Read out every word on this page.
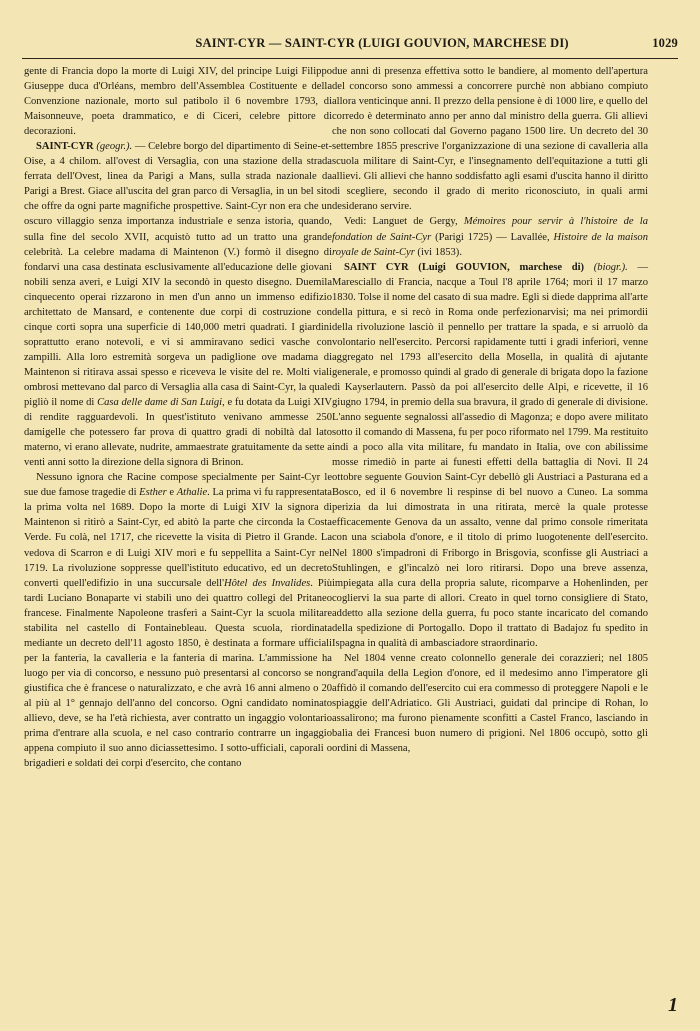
SAINT-CYR — SAINT-CYR (LUIGI GOUVION, MARCHESE DI)	1029

gente di Francia dopo la morte di Luigi XIV, del principe Luigi Filippo Giuseppe duca d'Orléans, membro dell'Assemblea Costituente e della Convenzione nazionale, morto sul patibolo il 6 novembre 1793, di Maisonneuve, poeta drammatico, e di Ciceri, celebre pittore di decorazioni.

SAINT-CYR (geogr.). — Celebre borgo del dipartimento di Seine-et-Oise, a 4 chilom. all'ovest di Versaglia, con una stazione della strada ferrata dell'Ovest, linea da Parigi a Mans, sulla strada nazionale da Parigi a Brest. Giace all'uscita del gran parco di Versaglia, in un bel sito che offre da ogni parte magnifiche prospettive. Saint-Cyr non era che un oscuro villaggio senza importanza industriale e senza istoria, quando, sulla fine del secolo XVII, acquistò tutto ad un tratto una grande celebrità. La celebre madama di Maintenon (V.) formò il disegno di fondarvi una casa destinata esclusivamente all'educazione delle giovani nobili senza averi, e Luigi XIV la secondò in questo disegno. Duemila cinquecento operai rizzarono in men d'un anno un immenso edifizio architettato de Mansard, e contenente due corpi di costruzione con cinque corti sopra una superficie di 140,000 metri quadrati. I giardini soprattutto erano notevoli, e vi si ammiravano sedici vasche con zampilli. Alla loro estremità sorgeva un padiglione ove madama di Maintenon si ritirava assai spesso e riceveva le visite del re. Molti viali ombrosi mettevano dal parco di Versaglia alla casa di Saint-Cyr, la quale pigliò il nome di Casa delle dame di San Luigi, e fu dotata da Luigi XIV di rendite ragguardevoli. In quest'istituto venivano ammesse 250 damigelle che potessero far prova di quattro gradi di nobiltà dal lato materno, vi erano allevate, nudrite, ammaestrate gratuitamente da sette a venti anni sotto la direzione della signora di Brinon.

Nessuno ignora che Racine compose specialmente per Saint-Cyr le sue due famose tragedie di Esther e Athalie. La prima vi fu rappresentata la prima volta nel 1689. Dopo la morte di Luigi XIV la signora di Maintenon si ritirò a Saint-Cyr, ed abitò la parte che circonda la Costa Verde. Fu colà, nel 1717, che ricevette la visita di Pietro il Grande. La vedova di Scarron e di Luigi XIV morì e fu seppellita a Saint-Cyr nel 1719. La rivoluzione soppresse quell'istituto educativo, ed un decreto converti quell'edifizio in una succursale dell'Hôtel des Invalides. Più tardi Luciano Bonaparte vi stabilì uno dei quattro collegi del Pritaneo francese. Finalmente Napoleone trasferì a Saint-Cyr la scuola militare stabilita nel castello di Fontainebleau. Questa scuola, riordinata mediante un decreto dell'11 agosto 1850, è destinata a formare ufficiali per la fanteria, la cavalleria e la fanteria di marina. L'ammissione ha luogo per via di concorso, e nessuno può presentarsi al concorso se non giustifica che è francese o naturalizzato, e che avrà 16 anni almeno o 20 al più al 1° gennajo dell'anno del concorso. Ogni candidato nominato allievo, deve, se ha l'età richiesta, aver contratto un ingaggio volontario prima d'entrare alla scuola, e nel caso contrario contrarre un ingaggio appena compiuto il suo anno diciassettesimo. I sotto-ufficiali, caporali o brigadieri e soldati dei corpi d'esercito, che contano

due anni di presenza effettiva sotto le bandiere, al momento dell'apertura del concorso sono ammessi a concorrere purchè non abbiano compiuto allora venticinque anni. Il prezzo della pensione è di 1000 lire, e quello del corredo è determinato anno per anno dal ministro della guerra. Gli allievi che non sono collocati dal Governo pagano 1500 lire. Un decreto del 30 settembre 1855 prescrive l'organizzazione di una sezione di cavalleria alla scuola militare di Saint-Cyr, e l'insegnamento dell'equitazione a tutti gli allievi. Gli allievi che hanno soddisfatto agli esami d'uscita hanno il diritto di scegliere, secondo il grado di merito riconosciuto, in quali armi desiderano servire.

Vedi: Languet de Gergy, Mémoires pour servir à l'histoire de la fondation de Saint-Cyr (Parigi 1725) — Lavallée, Histoire de la maison royale de Saint-Cyr (ivi 1853).

SAINT CYR (Luigi GOUVION, marchese di) (biogr.). — Maresciallo di Francia, nacque a Toul l'8 aprile 1764; morì il 17 marzo 1830. Tolse il nome del casato di sua madre. Egli si diede dapprima all'arte della pittura, e si recò in Roma onde perfezionarvisi; ma nei primordii della rivoluzione lasciò il pennello per trattare la spada, e si arruolò da volontario nell'esercito. Percorsi rapidamente tutti i gradi inferiori, venne aggregato nel 1793 all'esercito della Mosella, in qualità di ajutante generale, e promosso quindi al grado di generale di brigata dopo la fazione di Kayserlautern. Passò da poi all'esercito delle Alpi, e ricevette, il 16 giugno 1794, in premio della sua bravura, il grado di generale di divisione. L'anno seguente segnalossi all'assedio di Magonza; e dopo avere militato sotto il comando di Massena, fu per poco riformato nel 1799. Ma restituito indi a poco alla vita militare, fu mandato in Italia, ove con abilissime mosse rimediò in parte ai funesti effetti della battaglia di Novi. Il 24 ottobre seguente Gouvion Saint-Cyr debellò gli Austriaci a Pasturana ed a Bosco, ed il 6 novembre li respinse di bel nuovo a Cuneo. La somma perizia da lui dimostrata in una ritirata, mercè la quale protesse efficacemente Genova da un assalto, venne dal primo console rimeritata con una sciabola d'onore, e il titolo di primo luogotenente dell'esercito. Nel 1800 s'impadronì di Friborgo in Brisgovia, sconfisse gli Austriaci a Stuhlingen, e gl'incalzò nei loro ritirarsi. Dopo una breve assenza, impiegata alla cura della propria salute, ricomparve a Hohenlinden, per cogliervi la sua parte di allori. Creato in quel torno consigliere di Stato, addetto alla sezione della guerra, fu poco stante incaricato del comando della spedizione di Portogallo. Dopo il trattato di Badajoz fu spedito in Ispagna in qualità di ambasciadore straordinario.

Nel 1804 venne creato colonnello generale dei corazzieri; nel 1805 grand'aquila della Legion d'onore, ed il medesimo anno l'imperatore gli affidò il comando dell'esercito cui era commesso di proteggere Napoli e le spiaggie dell'Adriatico. Gli Austriaci, guidati dal principe di Rohan, lo assalirono; ma furono pienamente sconfitti a Castel Franco, lasciando in balìa dei Francesi buon numero di prigioni. Nel 1806 occupò, sotto gli ordini di Massena,

1
